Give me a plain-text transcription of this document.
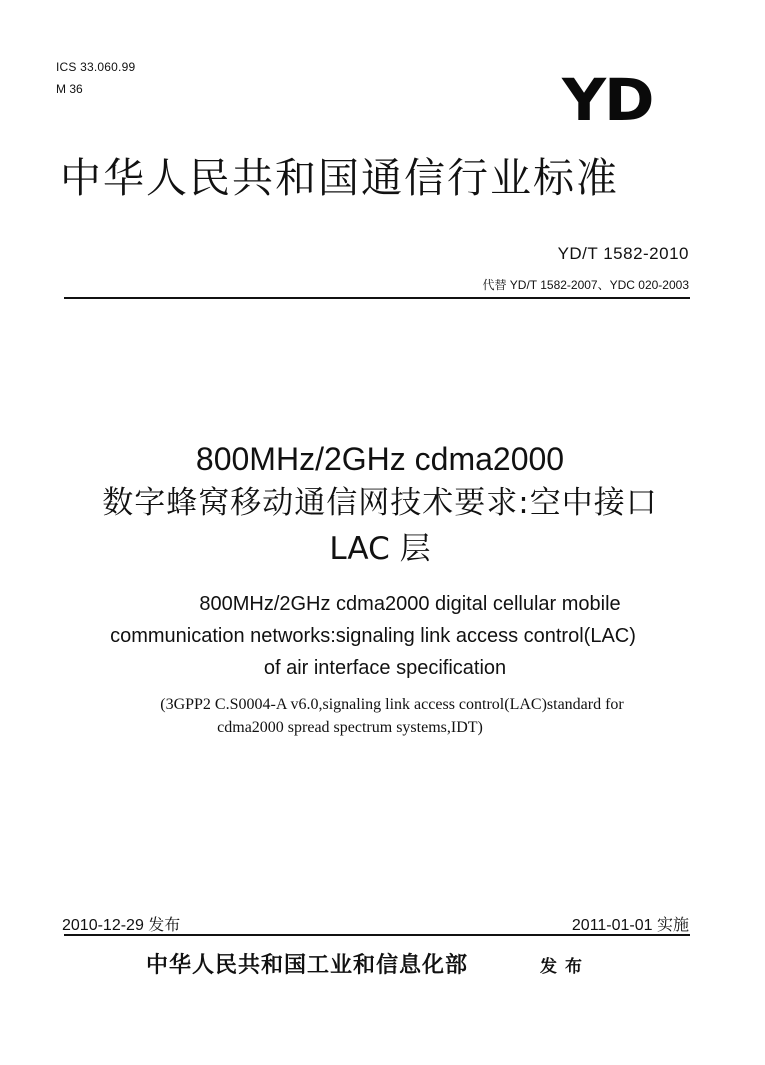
ICS 33.060.99
M 36	YD
中华人民共和国通信行业标准
YD/T 1582-2010
代替 YD/T 1582-2007、YDC 020-2003
800MHz/2GHz cdma2000
数字蜂窝移动通信网技术要求:空中接口
LAC 层
800MHz/2GHz cdma2000 digital cellular mobile
communication networks:signaling link access control(LAC)
of air interface specification
(3GPP2 C.S0004-A v6.0,signaling link access control(LAC)standard for
cdma2000 spread spectrum systems,IDT)
2010-12-29 发布	2011-01-01 实施
中华人民共和国工业和信息化部	发布
